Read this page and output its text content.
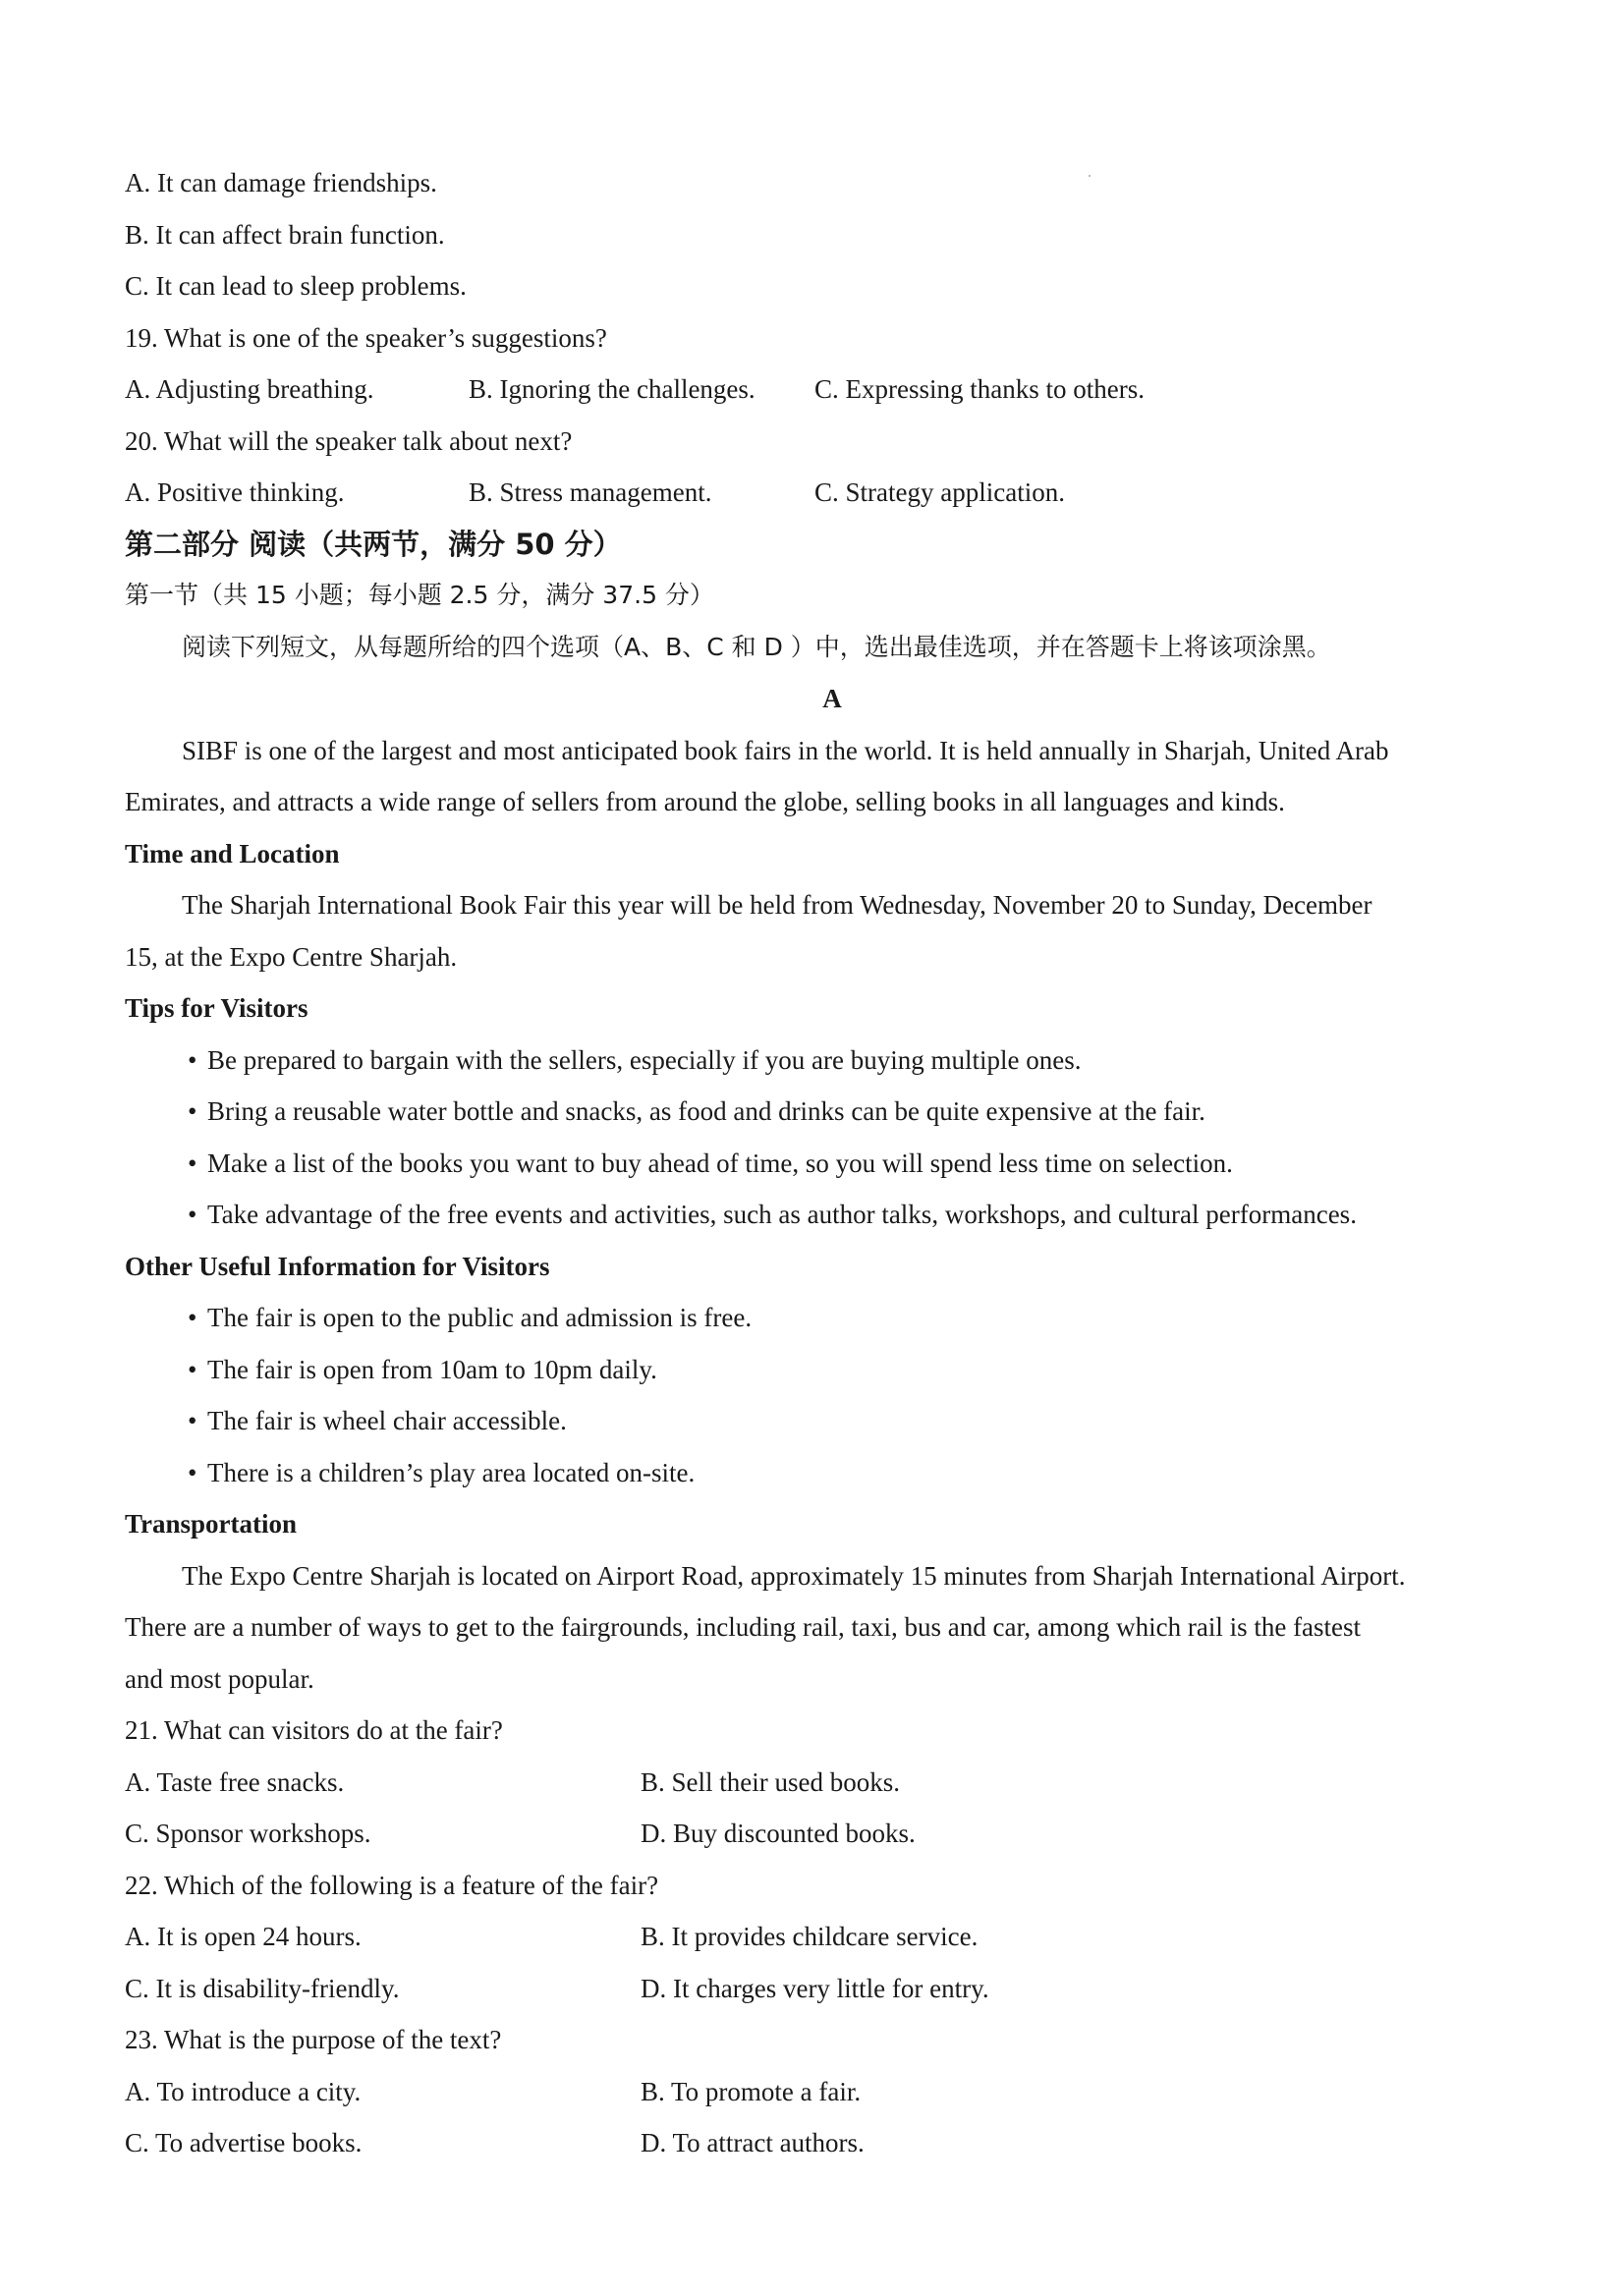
A. It can damage friendships.
B. It can affect brain function.
C. It can lead to sleep problems.
19. What is one of the speaker’s suggestions?
A. Adjusting breathing.	B. Ignoring the challenges.	C. Expressing thanks to others.
20. What will the speaker talk about next?
A. Positive thinking.	B. Stress management.	C. Strategy application.
第二部分 阅读（共两节，满分 50 分）
第一节（共 15 小题；每小题 2.5 分，满分 37.5 分）
阅读下列短文，从每题所给的四个选项（A、B、C 和 D ）中，选出最佳选项，并在答题卡上将该项涂黑。
A
SIBF is one of the largest and most anticipated book fairs in the world. It is held annually in Sharjah, United Arab
Emirates, and attracts a wide range of sellers from around the globe, selling books in all languages and kinds.
Time and Location
The Sharjah International Book Fair this year will be held from Wednesday, November 20 to Sunday, December
15, at the Expo Centre Sharjah.
Tips for Visitors
• Be prepared to bargain with the sellers, especially if you are buying multiple ones.
• Bring a reusable water bottle and snacks, as food and drinks can be quite expensive at the fair.
• Make a list of the books you want to buy ahead of time, so you will spend less time on selection.
• Take advantage of the free events and activities, such as author talks, workshops, and cultural performances.
Other Useful Information for Visitors
• The fair is open to the public and admission is free.
• The fair is open from 10am to 10pm daily.
• The fair is wheel chair accessible.
• There is a children’s play area located on-site.
Transportation
The Expo Centre Sharjah is located on Airport Road, approximately 15 minutes from Sharjah International Airport.
There are a number of ways to get to the fairgrounds, including rail, taxi, bus and car, among which rail is the fastest
and most popular.
21. What can visitors do at the fair?
A. Taste free snacks.	B. Sell their used books.
C. Sponsor workshops.	D. Buy discounted books.
22. Which of the following is a feature of the fair?
A. It is open 24 hours.	B. It provides childcare service.
C. It is disability-friendly.	D. It charges very little for entry.
23. What is the purpose of the text?
A. To introduce a city.	B. To promote a fair.
C. To advertise books.	D. To attract authors.
